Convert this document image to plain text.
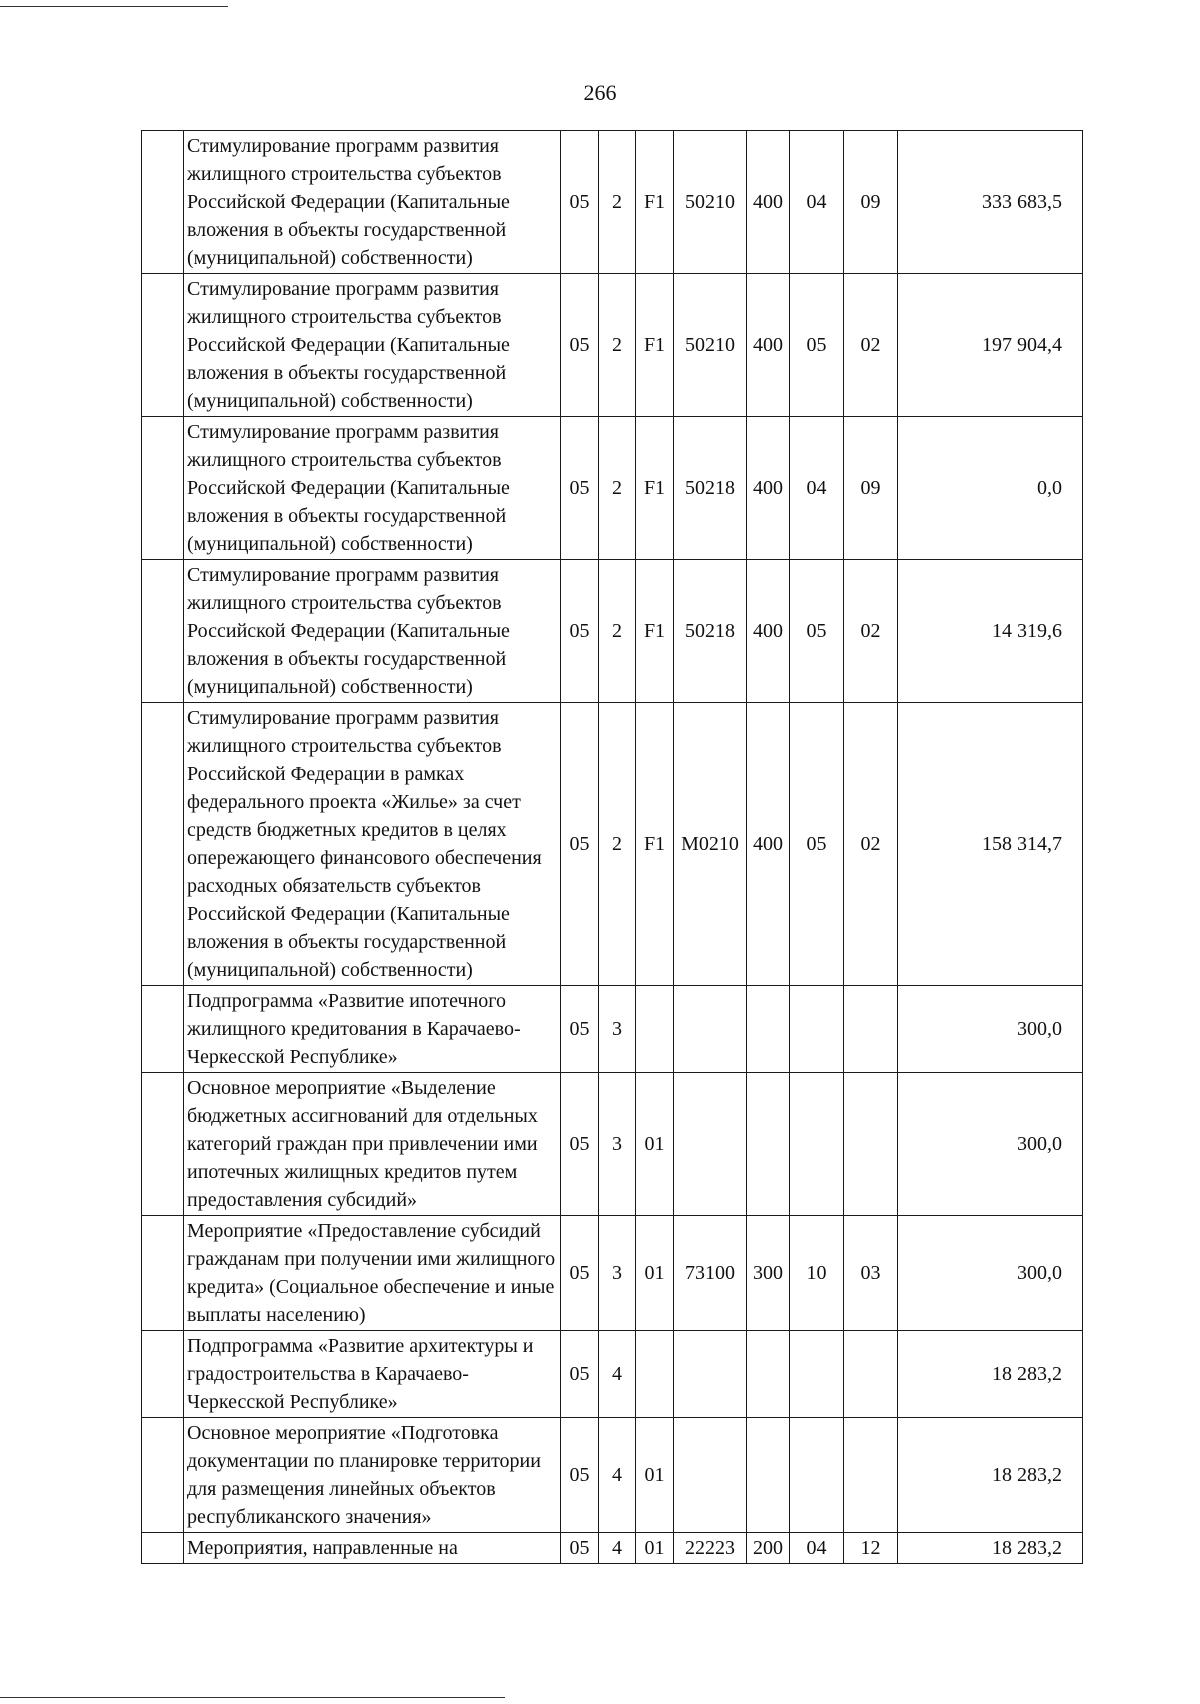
266
	Стимулирование программ развития жилищного строительства субъектов Российской Федерации (Капитальные вложения в объекты государственной (муниципальной) собственности)	05	2	F1	50210	400	04	09	333 683,5
	Стимулирование программ развития жилищного строительства субъектов Российской Федерации (Капитальные вложения в объекты государственной (муниципальной) собственности)	05	2	F1	50210	400	05	02	197 904,4
	Стимулирование программ развития жилищного строительства субъектов Российской Федерации (Капитальные вложения в объекты государственной (муниципальной) собственности)	05	2	F1	50218	400	04	09	0,0
	Стимулирование программ развития жилищного строительства субъектов Российской Федерации (Капитальные вложения в объекты государственной (муниципальной) собственности)	05	2	F1	50218	400	05	02	14 319,6
	Стимулирование программ развития жилищного строительства субъектов Российской Федерации в рамках федерального проекта «Жилье» за счет средств бюджетных кредитов в целях опережающего финансового обеспечения расходных обязательств субъектов Российской Федерации (Капитальные вложения в объекты государственной (муниципальной) собственности)	05	2	F1	M0210	400	05	02	158 314,7
	Подпрограмма «Развитие ипотечного жилищного кредитования в Карачаево-Черкесской Республике»	05	3						300,0
	Основное мероприятие «Выделение бюджетных ассигнований для отдельных категорий граждан при привлечении ими ипотечных жилищных кредитов путем предоставления субсидий»	05	3	01					300,0
	Мероприятие «Предоставление субсидий гражданам при получении ими жилищного кредита» (Социальное обеспечение и иные выплаты населению)	05	3	01	73100	300	10	03	300,0
	Подпрограмма «Развитие архитектуры и градостроительства в Карачаево-Черкесской Республике»	05	4						18 283,2
	Основное мероприятие «Подготовка документации по планировке территории для размещения линейных объектов республиканского значения»	05	4	01					18 283,2
	Мероприятия, направленные на	05	4	01	22223	200	04	12	18 283,2
